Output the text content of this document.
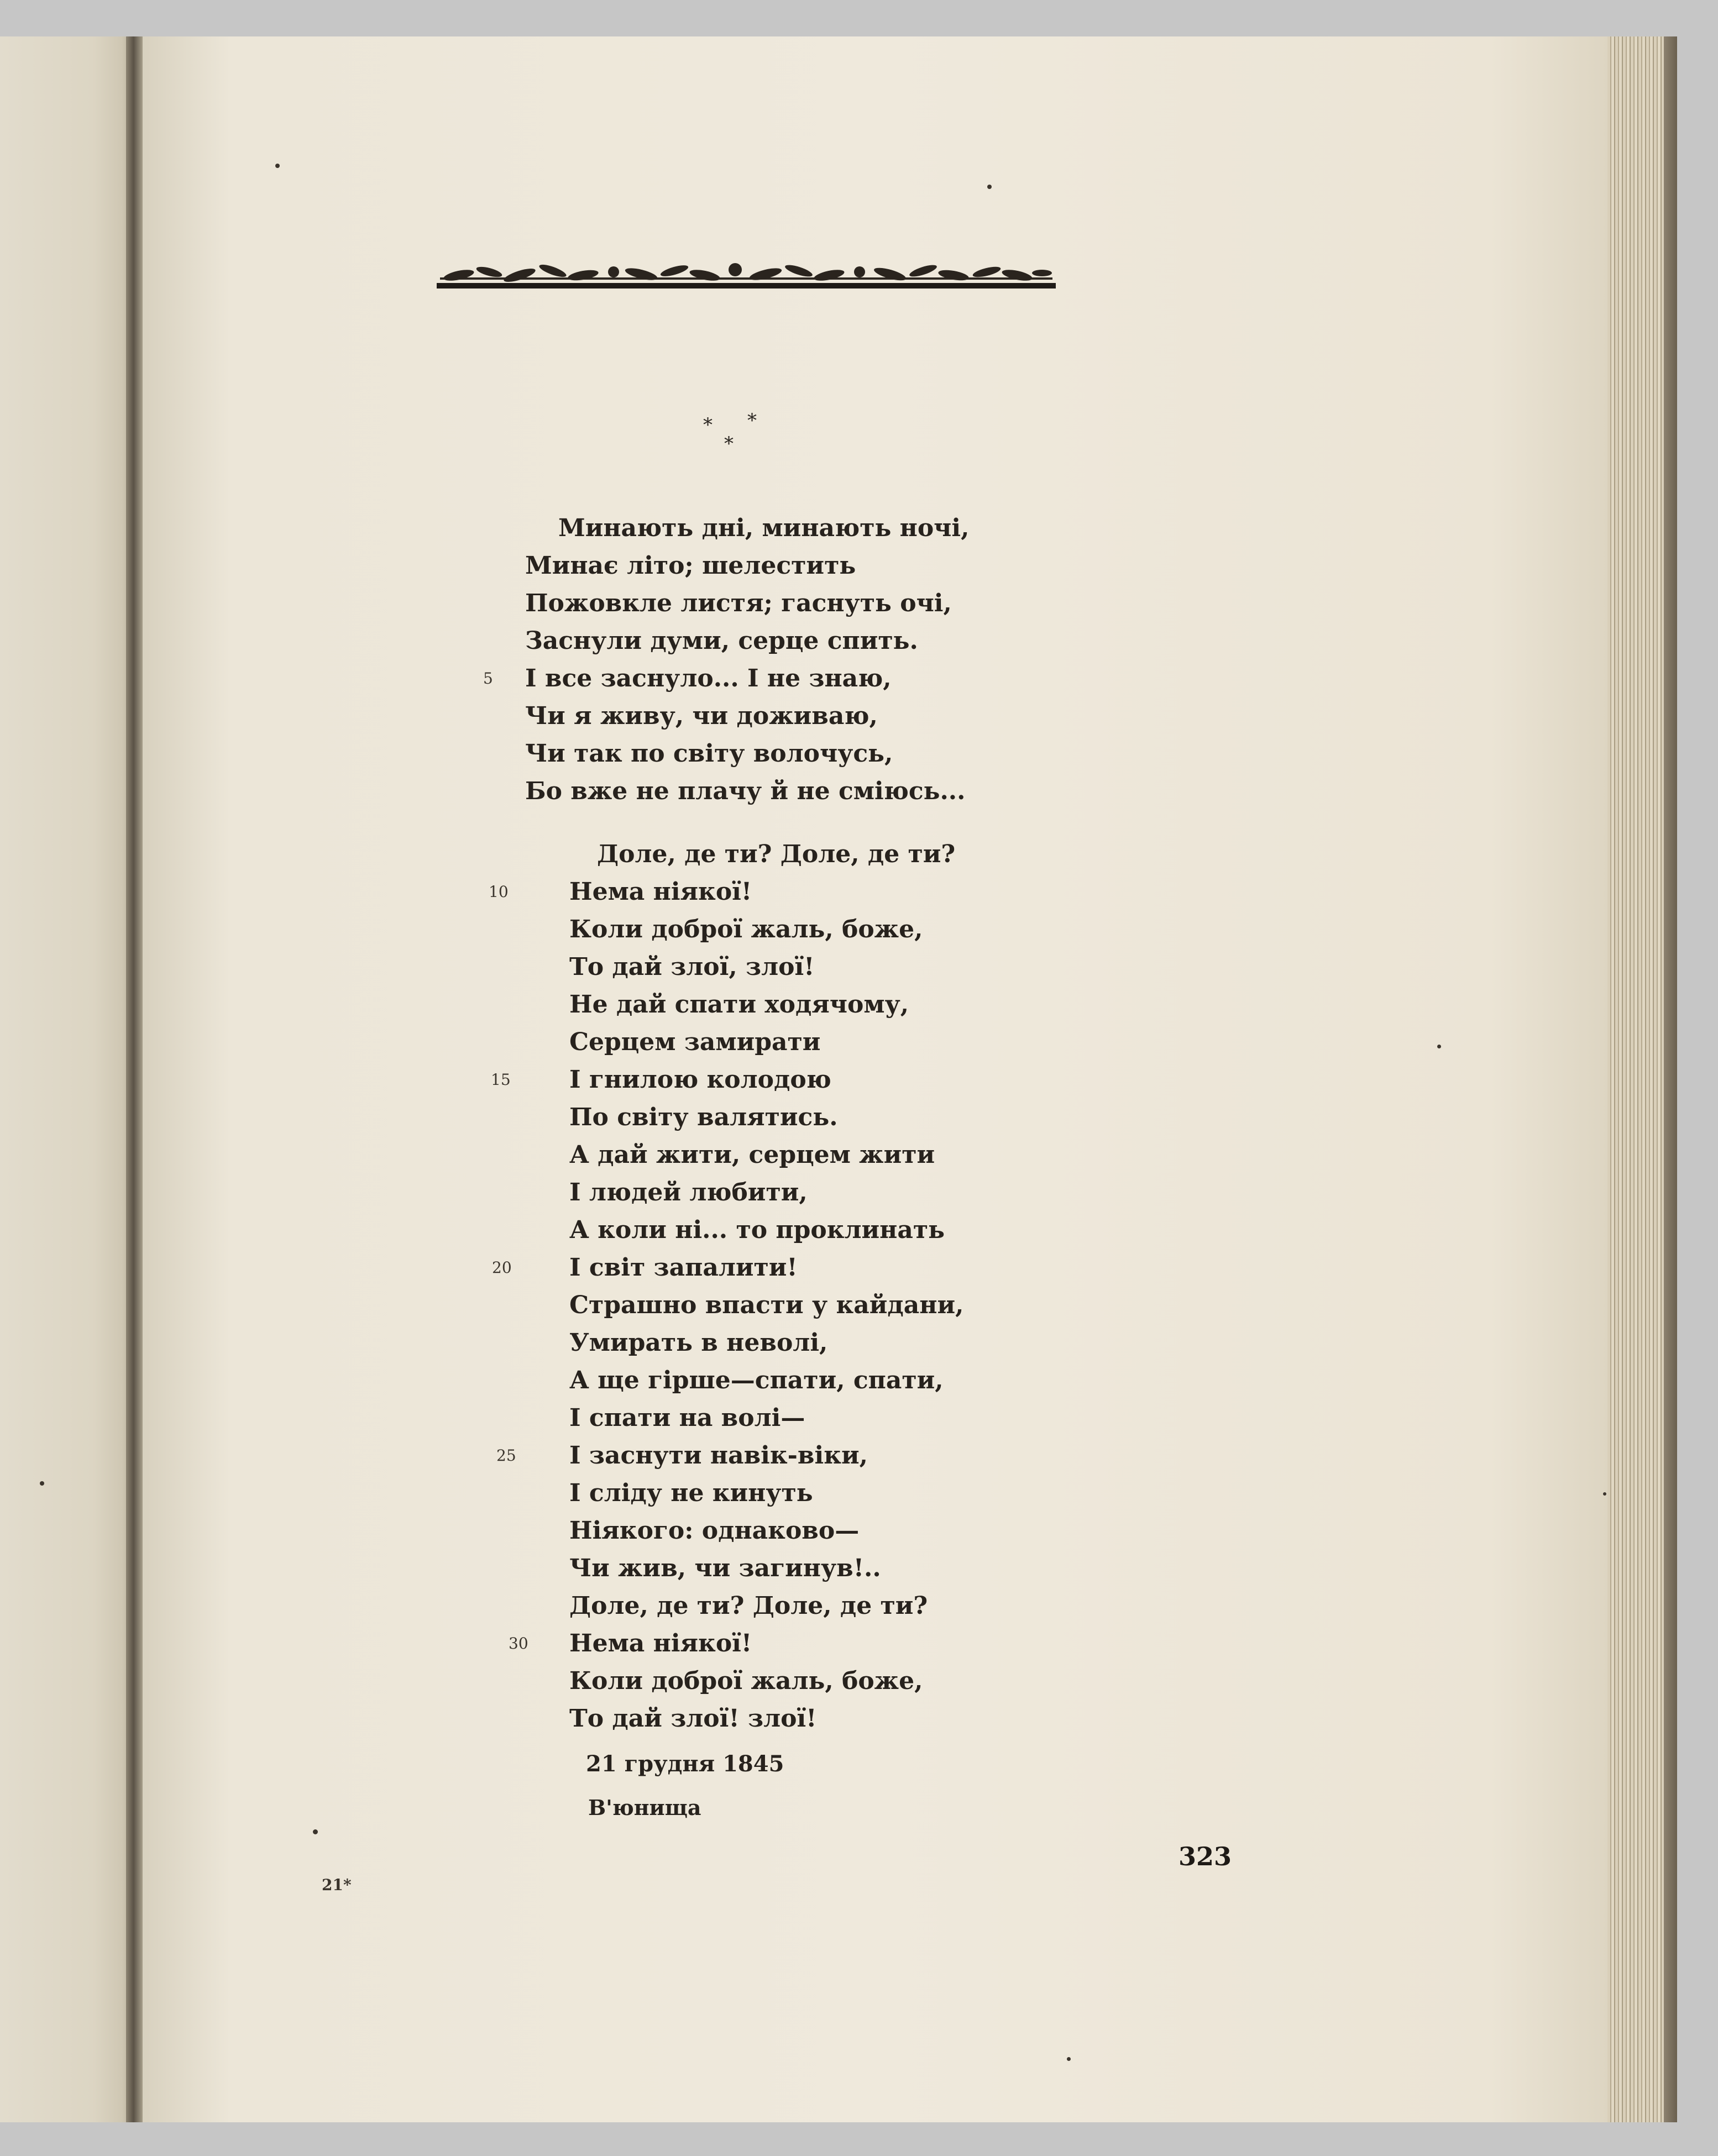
* *
*
Минають дні, минають ночі,
Минає літо; шелестить
Пожовкле листя; гаснуть очі,
Заснули думи, серце спить.
5 І все заснуло... І не знаю,
Чи я живу, чи доживаю,
Чи так по світу волочусь,
Бо вже не плачу й не сміюсь...
Доле, де ти? Доле, де ти?
10	Нема ніякої!
Коли доброї жаль, боже,
То дай злої, злої!
Не дай спати ходячому,
Серцем замирати
15 І гнилою колодою
По світу валятись.
А дай жити, серцем жити
І людей любити,
А коли ні... то проклинать
20 І світ запалити!
Страшно впасти у кайдани,
Умирать в неволі,
А ще гірше—спати, спати,
І спати на волі—
25 І заснути навік-віки,
І сліду не кинуть
Ніякого: однаково—
Чи жив, чи загинув!..
Доле, де ти? Доле, де ти?
30 Нема ніякої!
Коли доброї жаль, боже,
То дай злої! злої!
21 грудня 1845
В'юнища
21*
323
